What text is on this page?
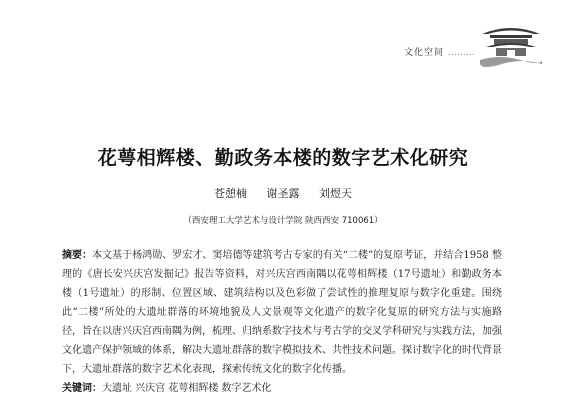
文化空间 ………
花萼相辉楼、勤政务本楼的数字艺术化研究
苍憩楠 谢圣露 刘煜天
（西安理工大学艺术与设计学院 陕西西安 710061）
摘要：本文基于杨鸿勋、罗宏才、窦培德等建筑考古专家的有关“二楼”的复原考证，并结合1958 整理的《唐长安兴庆宫发掘记》报告等资料，对兴庆宫西南隅以花萼相辉楼（17号遗址）和勤政务本楼（1号遗址）的形制、位置区域、建筑结构以及色彩做了尝试性的推理复原与数字化重建。围绕此“二楼”所处的大遗址群落的环境地貌及人文景观等文化遗产的数字化复原的研究方法与实施路径，旨在以唐兴庆宫西南隅为例，梳理、归纳系数字技术与考古学的交叉学科研究与实践方法，加强文化遗产保护领域的体系，解决大遗址群落的数字模拟技术、共性技术问题。探讨数字化的时代背景下，大遗址群落的数字艺术化表现，探索传统文化的数字化传播。
关键词：大遗址 兴庆宫 花萼相辉楼 数字艺术化
